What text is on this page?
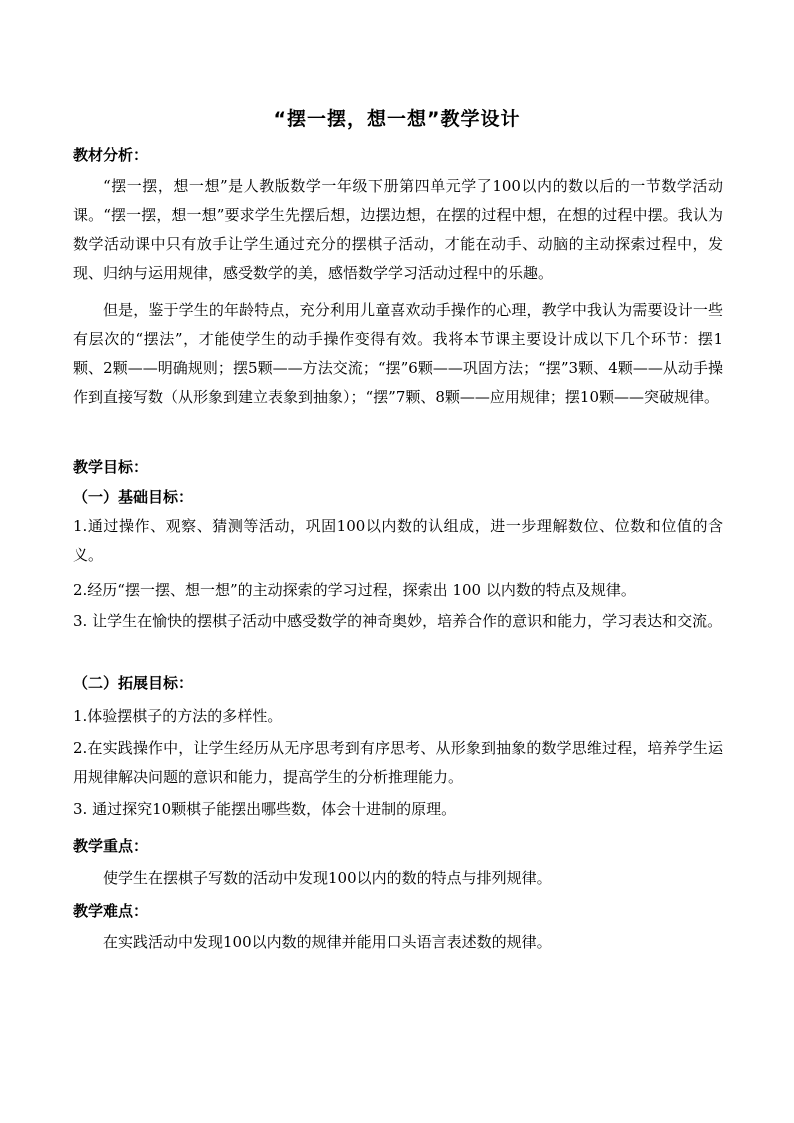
“摆一摆，想一想”教学设计
教材分析：
“摆一摆，想一想”是人教版数学一年级下册第四单元学了100以内的数以后的一节数学活动课。“摆一摆，想一想”要求学生先摆后想，边摆边想，在摆的过程中想，在想的过程中摆。我认为数学活动课中只有放手让学生通过充分的摆棋子活动，才能在动手、动脑的主动探索过程中，发现、归纳与运用规律，感受数学的美，感悟数学学习活动过程中的乐趣。
但是，鉴于学生的年龄特点，充分利用儿童喜欢动手操作的心理，教学中我认为需要设计一些有层次的“摆法”，才能使学生的动手操作变得有效。我将本节课主要设计成以下几个环节：摆1颗、2颗——明确规则；摆5颗——方法交流；“摆”6颗——巩固方法；“摆”3颗、4颗——从动手操作到直接写数（从形象到建立表象到抽象）；“摆”7颗、8颗——应用规律；摆10颗——突破规律。
教学目标：
（一）基础目标：
1.通过操作、观察、猜测等活动，巩固100以内数的认组成，进一步理解数位、位数和位值的含义。
2.经历“摆一摆、想一想”的主动探索的学习过程，探索出 100 以内数的特点及规律。
3. 让学生在愉快的摆棋子活动中感受数学的神奇奥妙，培养合作的意识和能力，学习表达和交流。
（二）拓展目标：
1.体验摆棋子的方法的多样性。
2.在实践操作中，让学生经历从无序思考到有序思考、从形象到抽象的数学思维过程，培养学生运用规律解决问题的意识和能力，提高学生的分析推理能力。
3. 通过探究10颗棋子能摆出哪些数，体会十进制的原理。
教学重点：
使学生在摆棋子写数的活动中发现100以内的数的特点与排列规律。
教学难点：
在实践活动中发现100以内数的规律并能用口头语言表述数的规律。
